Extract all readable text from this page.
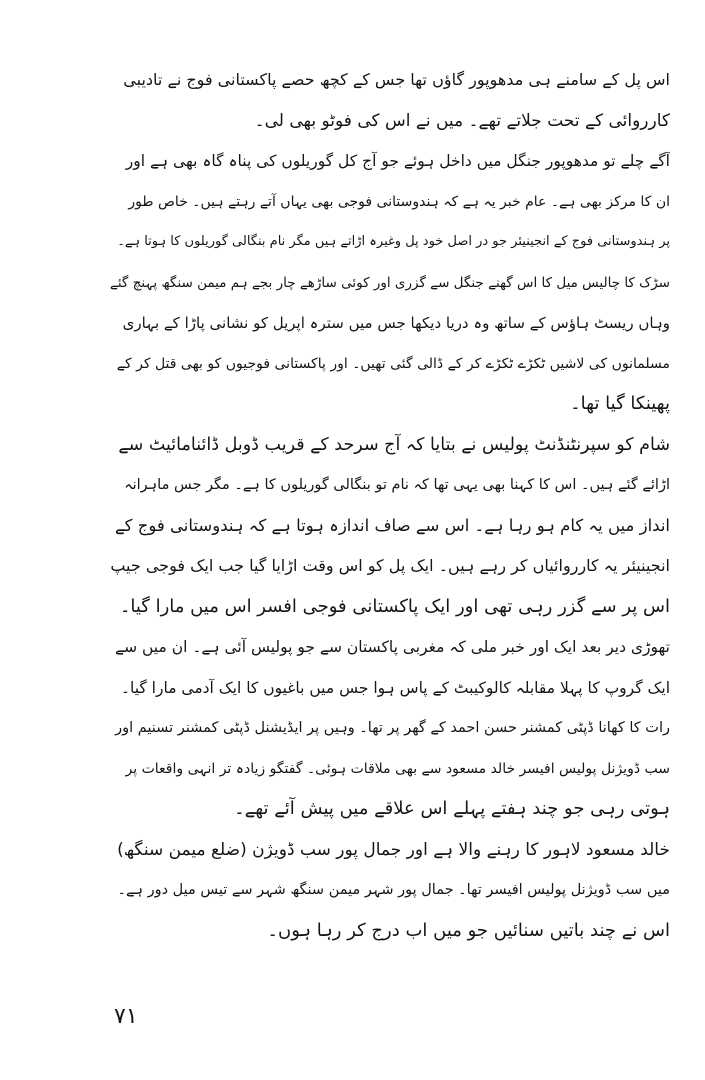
اس پل کے سامنے ہی مدھوپور گاؤں تھا جس کے کچھ حصے پاکستانی فوج نے تادیبی
کارروائی کے تحت جلاتے تھے۔ میں نے اس کی فوٹو بھی لی۔
آگے چلے تو مدھوپور جنگل میں داخل ہوئے جو آج کل گوریلوں کی پناہ گاہ بھی ہے اور
ان کا مرکز بھی ہے۔ عام خبر یہ ہے کہ ہندوستانی فوجی بھی یہاں آتے رہتے ہیں۔ خاص طور
پر ہندوستانی فوج کے انجینیئر جو در اصل خود پل وغیرہ اڑاتے ہیں مگر نام بنگالی گوریلوں کا ہوتا ہے۔
سڑک کا چالیس میل کا اس گھنے جنگل سے گزری اور کوئی ساڑھے چار بجے ہم میمن سنگھ پہنچ گئے
وہاں ریسٹ ہاؤس کے ساتھ وہ دریا دیکھا جس میں سترہ اپریل کو نشانی پاڑا کے بہاری
مسلمانوں کی لاشیں ٹکڑے ٹکڑے کر کے ڈالی گئی تھیں۔ اور پاکستانی فوجیوں کو بھی قتل کر کے
پھینکا گیا تھا۔
شام کو سپرنٹنڈنٹ پولیس نے بتایا کہ آج سرحد کے قریب ڈوبل ڈائنامائیٹ سے
اڑائے گئے ہیں۔ اس کا کہنا بھی یہی تھا کہ نام تو بنگالی گوریلوں کا ہے۔ مگر جس ماہرانہ
انداز میں یہ کام ہو رہا ہے۔ اس سے صاف اندازہ ہوتا ہے کہ ہندوستانی فوج کے
انجینیئر یہ کارروائیاں کر رہے ہیں۔ ایک پل کو اس وقت اڑایا گیا جب ایک فوجی جیپ
اس پر سے گزر رہی تھی اور ایک پاکستانی فوجی افسر اس میں مارا گیا۔
تھوڑی دیر بعد ایک اور خبر ملی کہ مغربی پاکستان سے جو پولیس آئی ہے۔ ان میں سے
ایک گروپ کا پہلا مقابلہ کالوکیبٹ کے پاس ہوا جس میں باغیوں کا ایک آدمی مارا گیا۔
رات کا کھانا ڈپٹی کمشنر حسن احمد کے گھر پر تھا۔ وہیں پر ایڈیشنل ڈپٹی کمشنر تسنیم اور
سب ڈویژنل پولیس افیسر خالد مسعود سے بھی ملاقات ہوئی۔ گفتگو زیادہ تر انہی واقعات پر
ہوتی رہی جو چند ہفتے پہلے اس علاقے میں پیش آئے تھے۔
خالد مسعود لاہور کا رہنے والا ہے اور جمال پور سب ڈویژن (ضلع میمن سنگھ)
میں سب ڈویژنل پولیس افیسر تھا۔ جمال پور شہر میمن سنگھ شہر سے تیس میل دور ہے۔
اس نے چند باتیں سنائیں جو میں اب درج کر رہا ہوں۔
٧١
